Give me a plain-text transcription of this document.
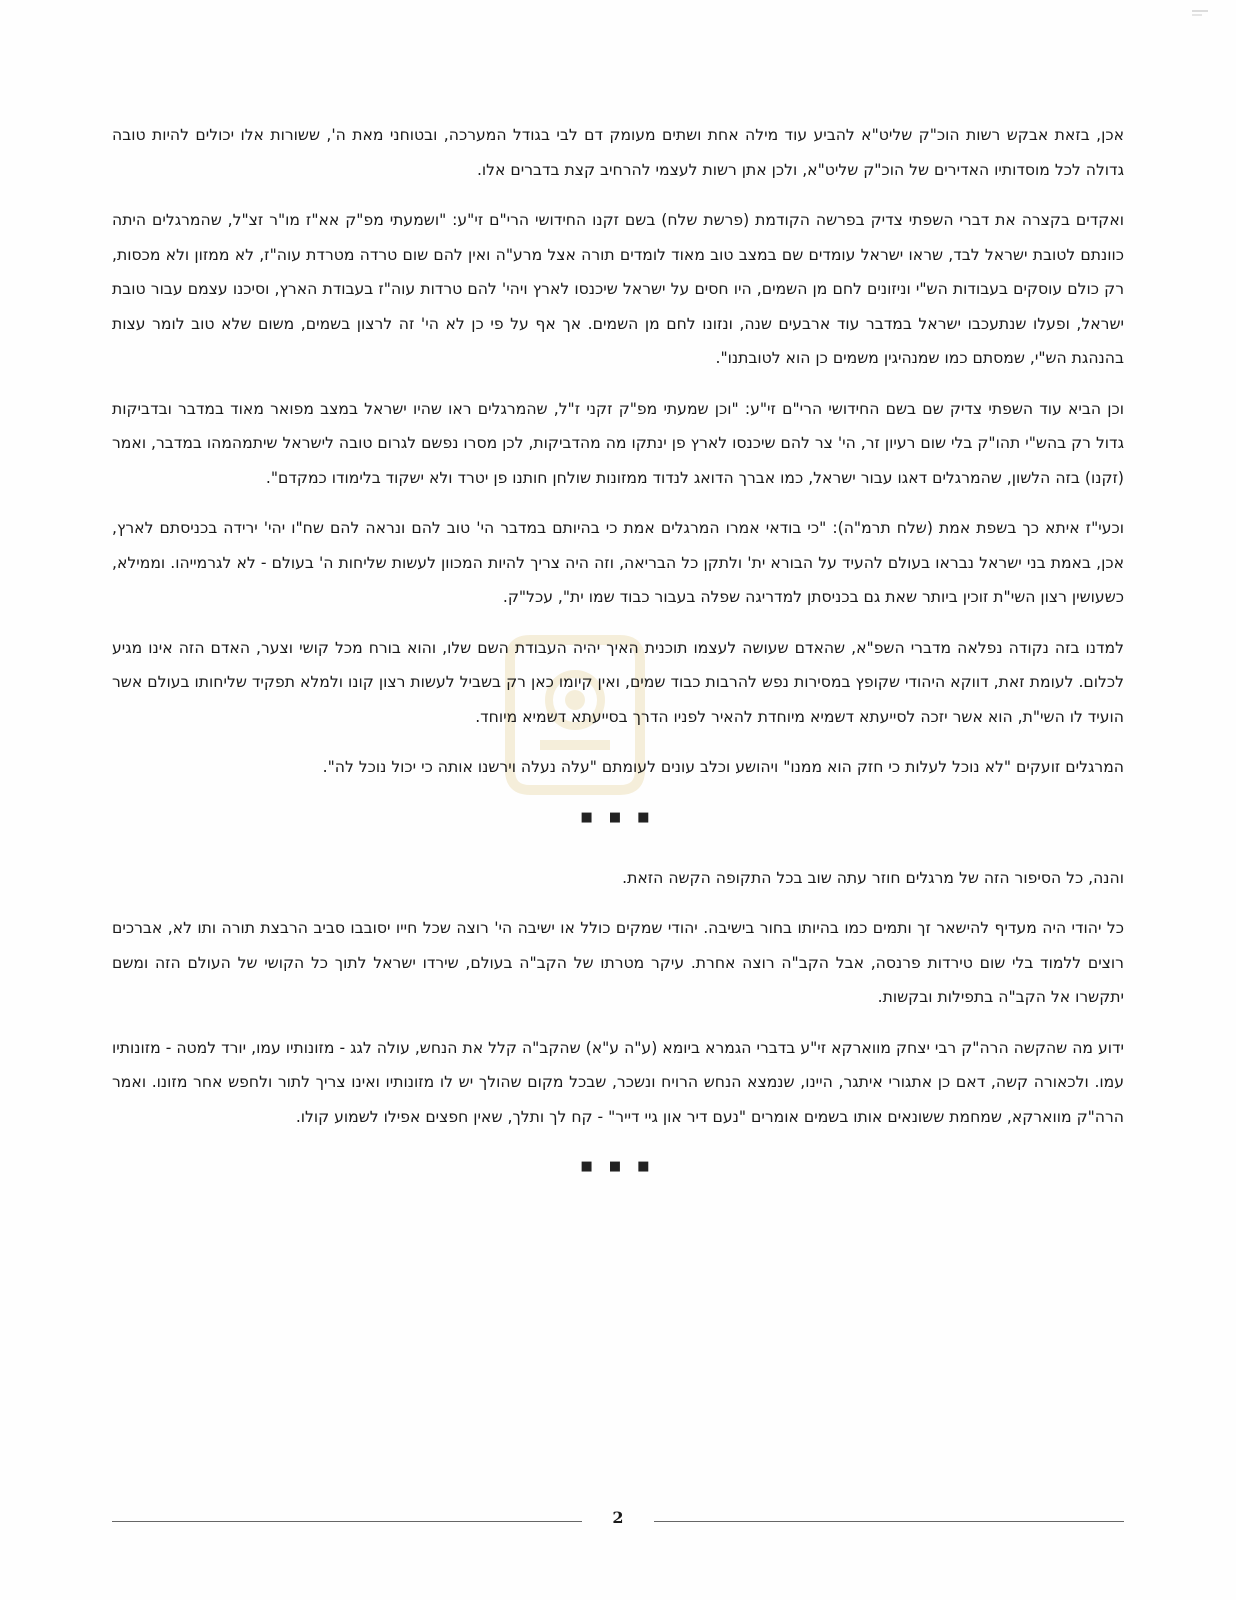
אכן, בזאת אבקש רשות הוכ"ק שליט"א להביע עוד מילה אחת ושתים מעומק דם לבי בגודל המערכה, ובטוחני מאת ה', ששורות אלו יכולים להיות טובה גדולה לכל מוסדותיו האדירים של הוכ"ק שליט"א, ולכן אתן רשות לעצמי להרחיב קצת בדברים אלו.

ואקדים בקצרה את דברי השפתי צדיק בפרשה הקודמת (פרשת שלח) בשם זקנו החידושי הרי"ם זי"ע: "ושמעתי מפ"ק אא"ז מו"ר זצ"ל, שהמרגלים היתה כוונתם לטובת ישראל לבד, שראו ישראל עומדים שם במצב טוב מאוד לומדים תורה אצל מרע"ה ואין להם שום טרדה מטרדת עוה"ז, לא ממזון ולא מכסות, רק כולם עוסקים בעבודות הש"י וניזונים לחם מן השמים, היו חסים על ישראל שיכנסו לארץ ויהי' להם טרדות עוה"ז בעבודת הארץ, וסיכנו עצמם עבור טובת ישראל, ופעלו שנתעכבו ישראל במדבר עוד ארבעים שנה, ונזונו לחם מן השמים. אך אף על פי כן לא הי' זה לרצון בשמים, משום שלא טוב לומר עצות בהנהגת הש"י, שמסתם כמו שמנהיגין משמים כן הוא לטובתנו".

וכן הביא עוד השפתי צדיק שם בשם החידושי הרי"ם זי"ע: "וכן שמעתי מפ"ק זקני ז"ל, שהמרגלים ראו שהיו ישראל במצב מפואר מאוד במדבר ובדביקות גדול רק בהש"י תהו"ק בלי שום רעיון זר, הי' צר להם שיכנסו לארץ פן ינתקו מה מהדביקות, לכן מסרו נפשם לגרום טובה לישראל שיתמהמהו במדבר, ואמר (זקנו) בזה הלשון, שהמרגלים דאגו עבור ישראל, כמו אברך הדואג לנדוד ממזונות שולחן חותנו פן יטרד ולא ישקוד בלימודו כמקדם".

וכעי"ז איתא כך בשפת אמת (שלח תרמ"ה): "כי בודאי אמרו המרגלים אמת כי בהיותם במדבר הי' טוב להם ונראה להם שח"ו יהי' ירידה בכניסתם לארץ, אכן, באמת בני ישראל נבראו בעולם להעיד על הבורא ית' ולתקן כל הבריאה, וזה היה צריך להיות המכוון לעשות שליחות ה' בעולם - לא לגרמייהו. וממילא, כשעושין רצון השי"ת זוכין ביותר שאת גם בכניסתן למדריגה שפלה בעבור כבוד שמו ית", עכל"ק.

למדנו בזה נקודה נפלאה מדברי השפ"א, שהאדם שעושה לעצמו תוכנית האיך יהיה העבודת השם שלו, והוא בורח מכל קושי וצער, האדם הזה אינו מגיע לכלום. לעומת זאת, דווקא היהודי שקופץ במסירות נפש להרבות כבוד שמים, ואין קיומו כאן רק בשביל לעשות רצון קונו ולמלא תפקיד שליחותו בעולם אשר הועיד לו השי"ת, הוא אשר יזכה לסייעתא דשמיא מיוחדת להאיר לפניו הדרך בסייעתא דשמיא מיוחד.

המרגלים זועקים "לא נוכל לעלות כי חזק הוא ממנו" ויהושע וכלב עונים לעומתם "עלה נעלה וירשנו אותה כי יכול נוכל לה".

■ ■ ■

והנה, כל הסיפור הזה של מרגלים חוזר עתה שוב בכל התקופה הקשה הזאת.

כל יהודי היה מעדיף להישאר זך ותמים כמו בהיותו בחור בישיבה. יהודי שמקים כולל או ישיבה הי' רוצה שכל חייו יסובבו סביב הרבצת תורה ותו לא, אברכים רוצים ללמוד בלי שום טירדות פרנסה, אבל הקב"ה רוצה אחרת. עיקר מטרתו של הקב"ה בעולם, שירדו ישראל לתוך כל הקושי של העולם הזה ומשם יתקשרו אל הקב"ה בתפילות ובקשות.

ידוע מה שהקשה הרה"ק רבי יצחק מווארקא זי"ע בדברי הגמרא ביומא (ע"ה ע"א) שהקב"ה קלל את הנחש, עולה לגג - מזונותיו עמו, יורד למטה - מזונותיו עמו. ולכאורה קשה, דאם כן אתגורי איתגר, היינו, שנמצא הנחש הרויח ונשכר, שבכל מקום שהולך יש לו מזונותיו ואינו צריך לתור ולחפש אחר מזונו. ואמר הרה"ק מווארקא, שמחמת ששונאים אותו בשמים אומרים "נעם דיר און גיי דייר" - קח לך ותלך, שאין חפצים אפילו לשמוע קולו.

■ ■ ■
2
